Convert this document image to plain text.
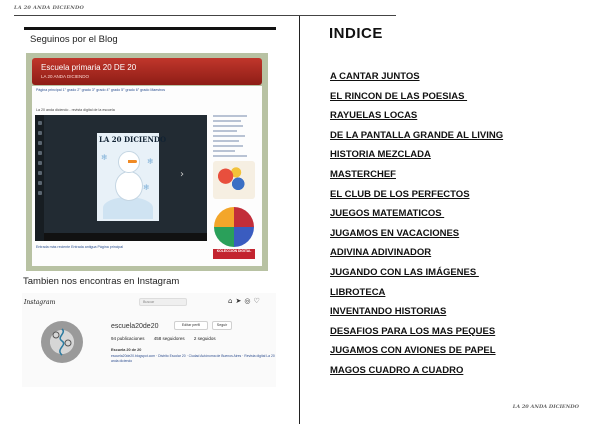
LA 20 ANDA DICIENDO
LA 20 ANDA DICIENDO
Seguinos por el Blog
Escuela primaria 20 DE 20
LA 20 ANDA DICIENDO
Página principal 1° grado 2° grado 3° grado 4° grado 5° grado 6° grado Maestros
La 20 anda diciendo - revista digital de la escuela
LA 20 DICIENDO
❄	❄
❄
›
KOLECCIÓN DIGITAL
Entrada más reciente Entrada antigua Página principal
Tambien nos encontras en Instagram
Instagram	Buscar	⌂➤◎♡
escuela20de20	Editar perfil	Seguir
94 publicaciones 458 seguidores 2 seguidos
Escuela 20 de 20
escuela20de20.blogspot.com · Distrito Escolar 20 · Ciudad Autónoma de Buenos Aires · Revista digital La 20 anda diciendo
INDICE
A CANTAR JUNTOS
EL RINCON DE LAS POESIAS
RAYUELAS LOCAS
DE LA PANTALLA GRANDE AL LIVING
HISTORIA MEZCLADA
MASTERCHEF
EL CLUB DE LOS PERFECTOS
JUEGOS MATEMATICOS
JUGAMOS EN VACACIONES
ADIVINA ADIVINADOR
JUGANDO CON LAS IMÁGENES
LIBROTECA
INVENTANDO HISTORIAS
DESAFIOS PARA LOS MAS PEQUES
JUGAMOS CON AVIONES DE PAPEL
MAGOS CUADRO A CUADRO
